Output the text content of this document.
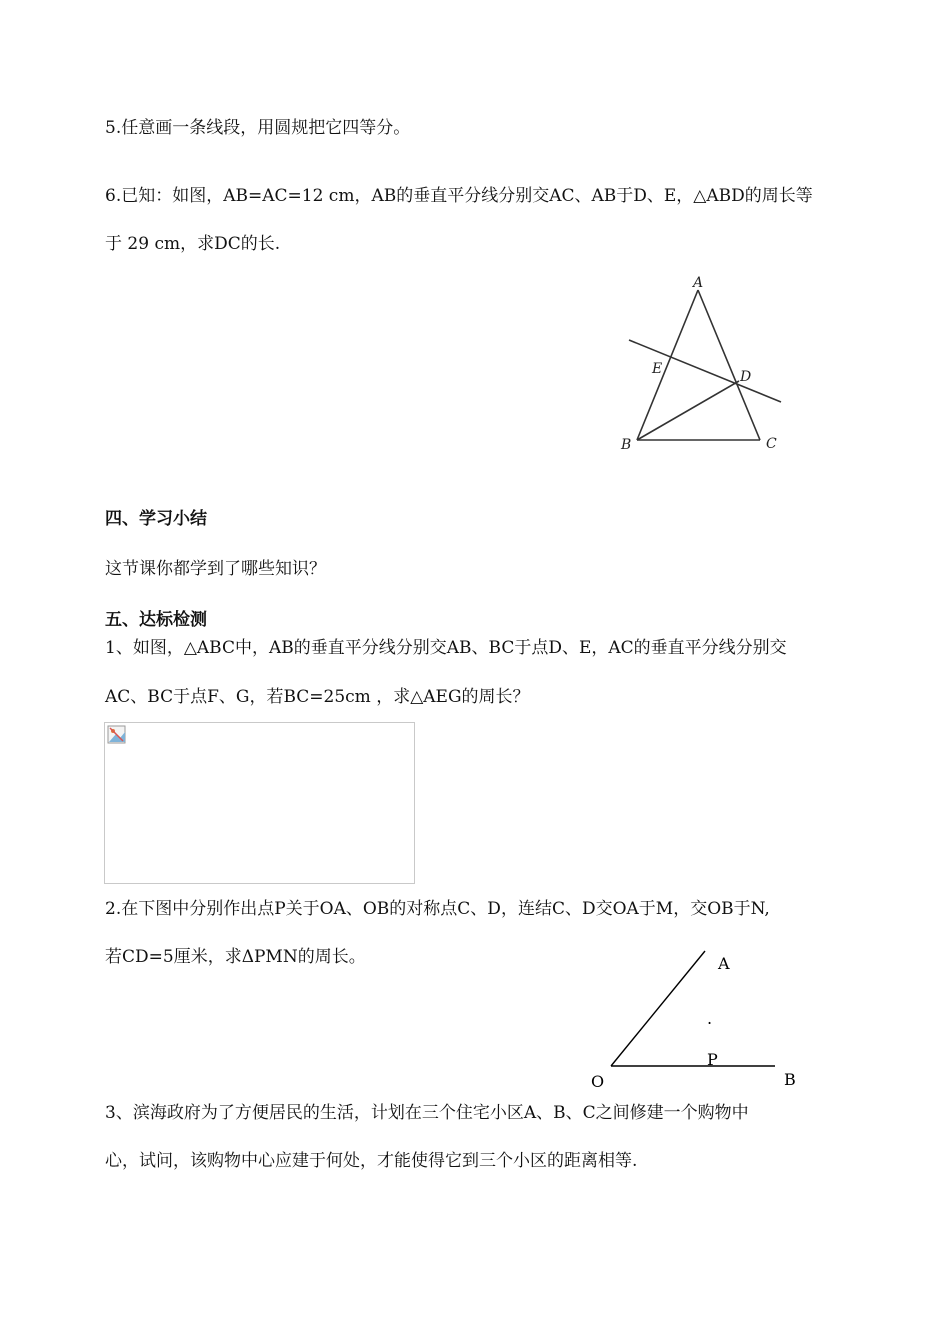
5.任意画一条线段，用圆规把它四等分。
6.已知：如图，AB=AC=12 cm，AB的垂直平分线分别交AC、AB于D、E，△ABD的周长等
于 29 cm，求DC的长.
A
E	D
B	C
四、学习小结
这节课你都学到了哪些知识？
五、达标检测
1、如图，△ABC中，AB的垂直平分线分别交AB、BC于点D、E，AC的垂直平分线分别交
AC、BC于点F、G，若BC=25cm ，求△AEG的周长？
2.在下图中分别作出点P关于OA、OB的对称点C、D，连结C、D交OA于M，交OB于N,
若CD=5厘米，求ΔPMN的周长。	A
.
P
O	B
3、滨海政府为了方便居民的生活，计划在三个住宅小区A、B、C之间修建一个购物中
心，试问，该购物中心应建于何处，才能使得它到三个小区的距离相等.
